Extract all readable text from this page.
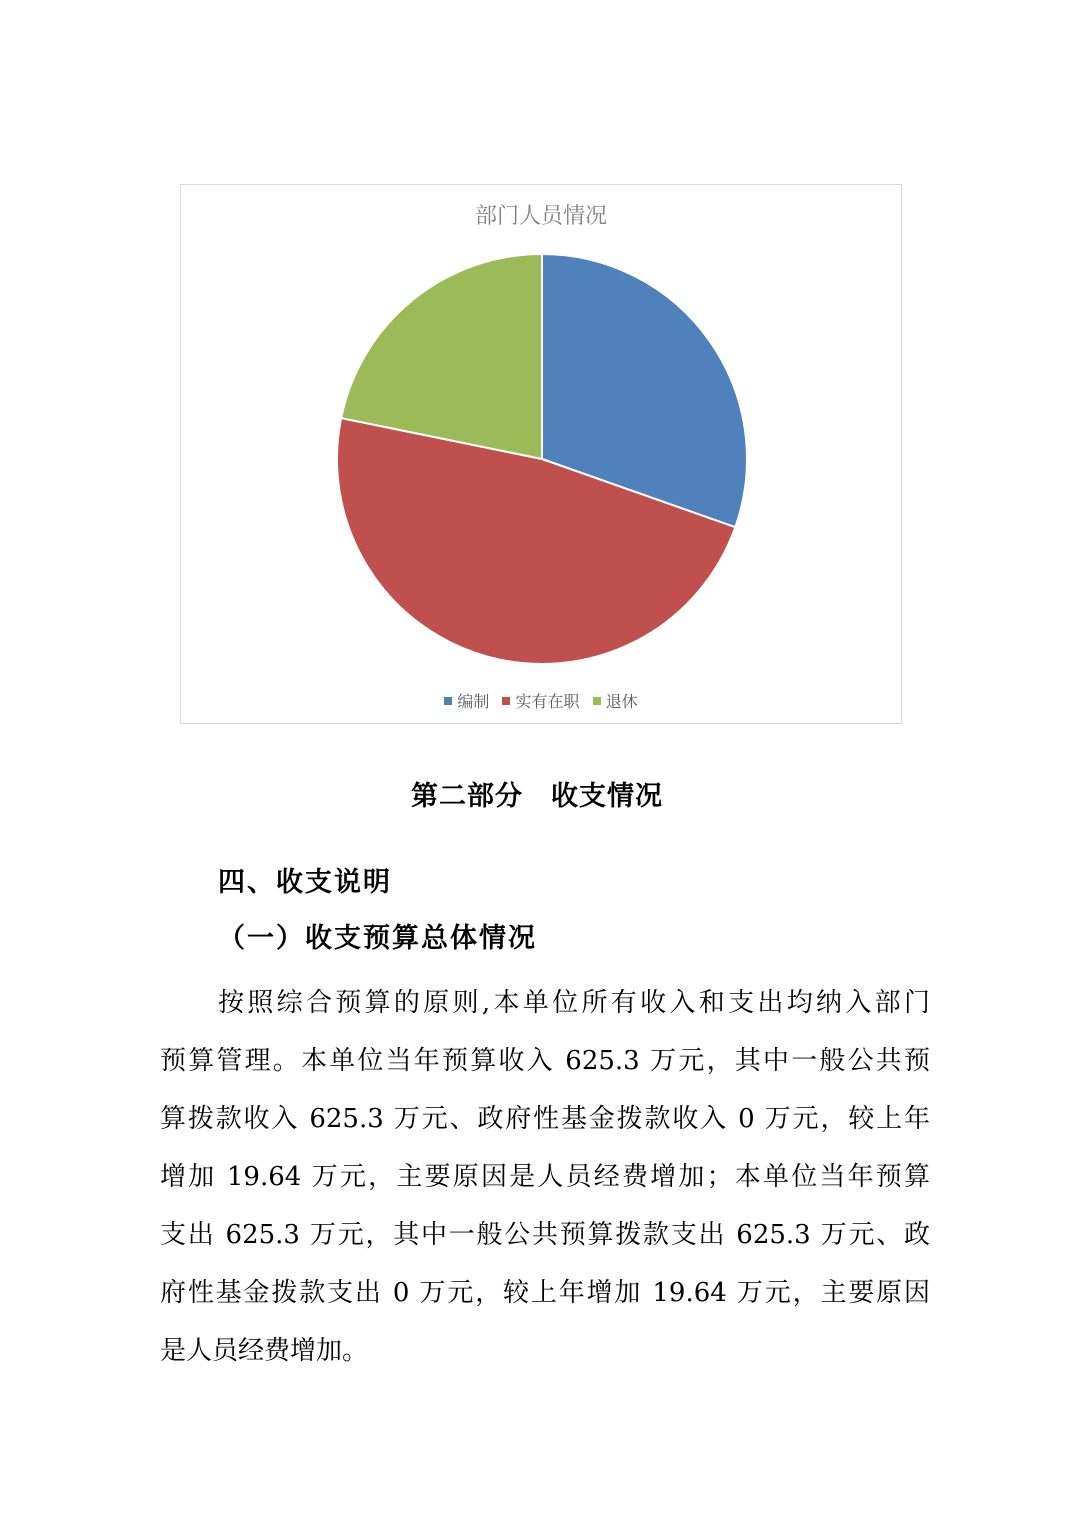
部门人员情况
编制
实有在职
退休
第二部分 收支情况
四、收支说明
（一）收支预算总体情况
按照综合预算的原则,本单位所有收入和支出均纳入部门
预算管理。本单位当年预算收入 625.3 万元，其中一般公共预
算拨款收入 625.3 万元、政府性基金拨款收入 0 万元，较上年
增加 19.64 万元，主要原因是人员经费增加；本单位当年预算
支出 625.3 万元，其中一般公共预算拨款支出 625.3 万元、政
府性基金拨款支出 0 万元，较上年增加 19.64 万元，主要原因
是人员经费增加。
